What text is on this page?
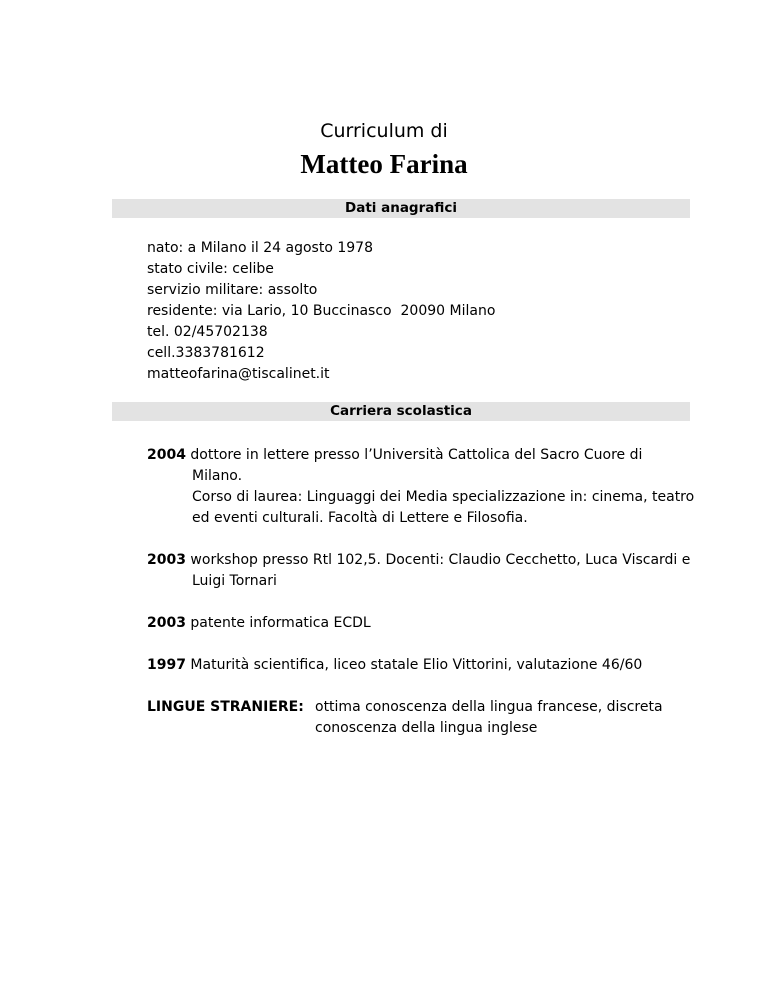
Curriculum di
Matteo Farina
Dati anagrafici
nato: a Milano il 24 agosto 1978
stato civile: celibe
servizio militare: assolto
residente: via Lario, 10 Buccinasco  20090 Milano
tel. 02/45702138
cell.3383781612
matteofarina@tiscalinet.it
Carriera scolastica
2004 dottore in lettere presso l’Università Cattolica del Sacro Cuore di
Milano.
Corso di laurea: Linguaggi dei Media specializzazione in: cinema, teatro
ed eventi culturali. Facoltà di Lettere e Filosofia.
2003 workshop presso Rtl 102,5. Docenti: Claudio Cecchetto, Luca Viscardi e
Luigi Tornari
2003 patente informatica ECDL
1997 Maturità scientifica, liceo statale Elio Vittorini, valutazione 46/60
LINGUE STRANIERE: ottima conoscenza della lingua francese, discreta
conoscenza della lingua inglese
